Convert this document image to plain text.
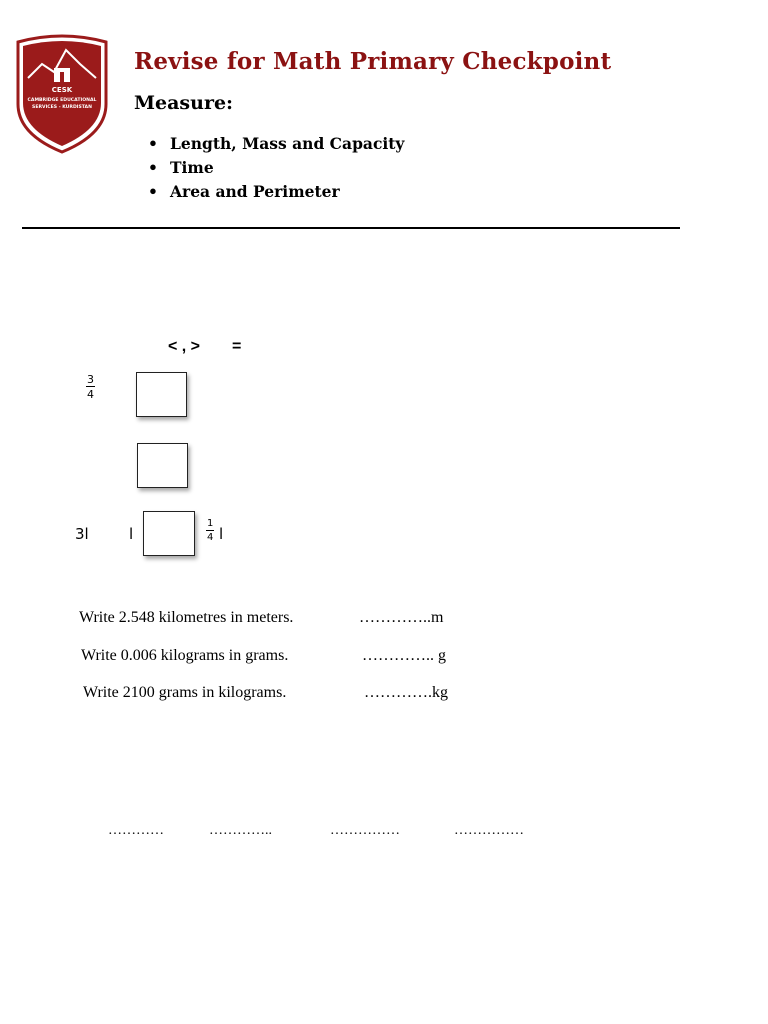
CESK
CAMBRIDGE EDUCATIONAL
SERVICES - KURDISTAN
Revise for Math Primary Checkpoint
Measure:
• Length, Mass and Capacity
• Time
• Area and Perimeter
< , > =
$\frac{3}{4}$
3l	l	$\frac{1}{4}$ l
Write 2.548 kilometres in meters.	…………..m
Write 0.006 kilograms in grams.	………….. g
Write 2100 grams in kilograms.	………….kg
…………	…………..	……………	……………
